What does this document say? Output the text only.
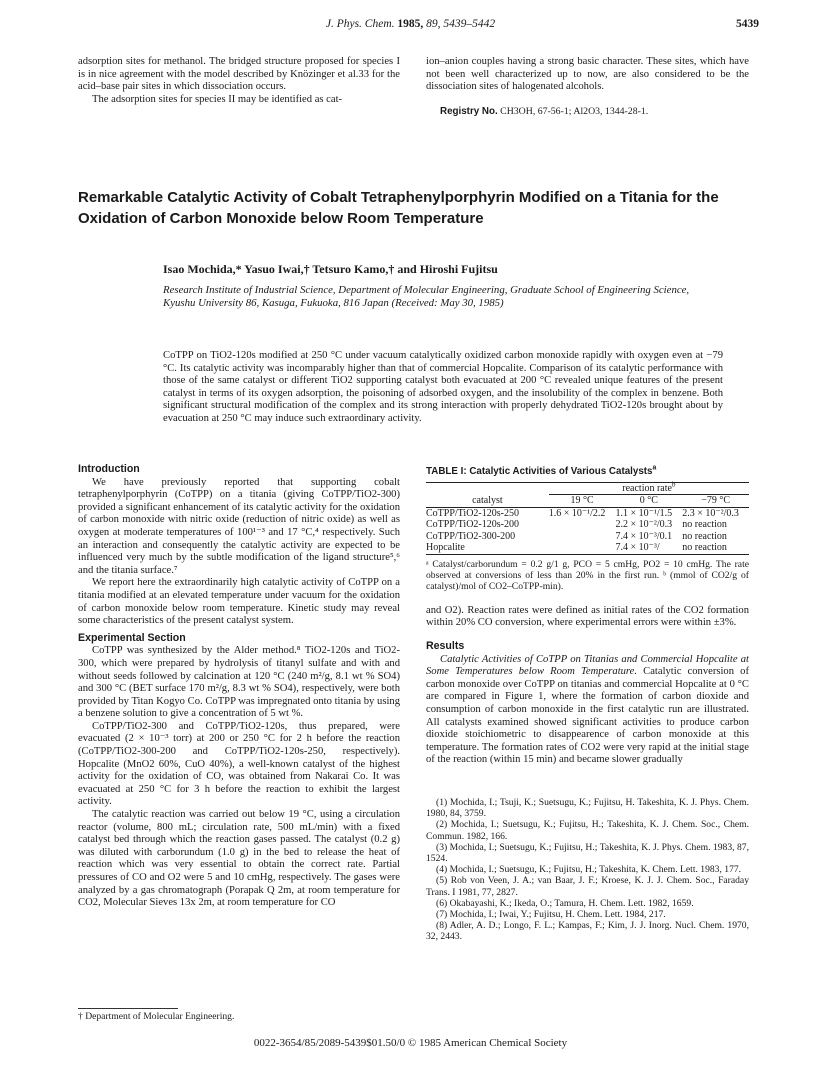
J. Phys. Chem. 1985, 89, 5439–5442	5439

adsorption sites for methanol. The bridged structure proposed for species I is in nice agreement with the model described by Knözinger et al.33 for the acid–base pair sites in which dissociation occurs.

The adsorption sites for species II may be identified as cat-

ion–anion couples having a strong basic character. These sites, which have not been well characterized up to now, are also considered to be the dissociation sites of halogenated alcohols.

Registry No. CH3OH, 67-56-1; Al2O3, 1344-28-1.

Remarkable Catalytic Activity of Cobalt Tetraphenylporphyrin Modified on a Titania for the Oxidation of Carbon Monoxide below Room Temperature
Isao Mochida,* Yasuo Iwai,† Tetsuro Kamo,† and Hiroshi Fujitsu
Research Institute of Industrial Science, Department of Molecular Engineering, Graduate School of Engineering Science, Kyushu University 86, Kasuga, Fukuoka, 816 Japan (Received: May 30, 1985)
CoTPP on TiO2-120s modified at 250 °C under vacuum catalytically oxidized carbon monoxide rapidly with oxygen even at −79 °C. Its catalytic activity was incomparably higher than that of commercial Hopcalite. Comparison of its catalytic performance with those of the same catalyst or different TiO2 supporting catalyst both evacuated at 200 °C revealed unique features of the present catalyst in terms of its oxygen adsorption, the poisoning of adsorbed oxygen, and the insolubility of the complex in benzene. Both significant structural modification of the complex and its strong interaction with properly dehydrated TiO2-120s brought about by evacuation at 250 °C may induce such extraordinary activity.
Introduction

We have previously reported that supporting cobalt tetraphenylporphyrin (CoTPP) on a titania (giving CoTPP/TiO2-300) provided a significant enhancement of its catalytic activity for the oxidation of carbon monoxide with nitric oxide (reduction of nitric oxide) as well as oxygen at moderate temperatures of 100¹⁻³ and 17 °C,⁴ respectively. Such an interaction and consequently the catalytic activity are expected to be influenced very much by the subtle modification of the ligand structure⁵,⁶ and the titania surface.⁷

We report here the extraordinarily high catalytic activity of CoTPP on a titania modified at an elevated temperature under vacuum for the oxidation of carbon monoxide below room temperature. Kinetic study may reveal some characteristics of the present catalyst system.

Experimental Section

CoTPP was synthesized by the Alder method.⁸ TiO2-120s and TiO2-300, which were prepared by hydrolysis of titanyl sulfate and with and without seeds followed by calcination at 120 °C (240 m²/g, 8.1 wt % SO4) and 300 °C (BET surface 170 m²/g, 8.3 wt % SO4), respectively, were both provided by Titan Kogyo Co. CoTPP was impregnated onto titania by using a benzene solution to give a concentration of 5 wt %.

CoTPP/TiO2-300 and CoTPP/TiO2-120s, thus prepared, were evacuated (2 × 10⁻³ torr) at 200 or 250 °C for 2 h before the reaction (CoTPP/TiO2-300-200 and CoTPP/TiO2-120s-250, respectively). Hopcalite (MnO2 60%, CuO 40%), a well-known catalyst of the highest activity for the oxidation of CO, was obtained from Nakarai Co. It was evacuated at 250 °C for 3 h before the reaction to exhibit the largest activity.

The catalytic reaction was carried out below 19 °C, using a circulation reactor (volume, 800 mL; circulation rate, 500 mL/min) with a fixed catalyst bed through which the reaction gases passed. The catalyst (0.2 g) was diluted with carborundum (1.0 g) in the bed to release the heat of reaction which was very essential to obtain the correct rate. Partial pressures of CO and O2 were 5 and 10 cmHg, respectively. The gases were analyzed by a gas chromatograph (Porapak Q 2m, at room temperature for CO2, Molecular Sieves 13x 2m, at room temperature for CO

† Department of Molecular Engineering.
TABLE I: Catalytic Activities of Various Catalysts$^a$
catalyst	reaction rate$^b$
	19 °C	0 °C	−79 °C
CoTPP/TiO2-120s-250	1.6 × 10⁻¹/2.2	1.1 × 10⁻¹/1.5	2.3 × 10⁻²/0.3
CoTPP/TiO2-120s-200		2.2 × 10⁻²/0.3	no reaction
CoTPP/TiO2-300-200		7.4 × 10⁻³/0.1	no reaction
Hopcalite		7.4 × 10⁻³/	no reaction

ᵃ Catalyst/carborundum = 0.2 g/1 g, PCO = 5 cmHg, PO2 = 10 cmHg. The rate observed at conversions of less than 20% in the first run. ᵇ (mmol of CO2/g of catalyst)/mol of CO2–CoTPP-min).

and O2). Reaction rates were defined as initial rates of the CO2 formation within 20% CO conversion, where experimental errors were within ±3%.

Results

Catalytic Activities of CoTPP on Titanias and Commercial Hopcalite at Some Temperatures below Room Temperature. Catalytic conversion of carbon monoxide over CoTPP on titanias and commercial Hopcalite at 0 °C are compared in Figure 1, where the formation of carbon dioxide and consumption of carbon monoxide in the first catalytic run are illustrated. All catalysts examined showed significant activities to produce carbon dioxide stoichiometric to disappearence of carbon monoxide at this temperature. The formation rates of CO2 were very rapid at the initial stage of the reaction (within 15 min) and became slower gradually

(1) Mochida, I.; Tsuji, K.; Suetsugu, K.; Fujitsu, H. Takeshita, K. J. Phys. Chem. 1980, 84, 3759.

(2) Mochida, I.; Suetsugu, K.; Fujitsu, H.; Takeshita, K. J. Chem. Soc., Chem. Commun. 1982, 166.

(3) Mochida, I.; Suetsugu, K.; Fujitsu, H.; Takeshita, K. J. Phys. Chem. 1983, 87, 1524.

(4) Mochida, I.; Suetsugu, K.; Fujitsu, H.; Takeshita, K. Chem. Lett. 1983, 177.

(5) Rob von Veen, J. A.; van Baar, J. F.; Kroese, K. J. J. Chem. Soc., Faraday Trans. I 1981, 77, 2827.

(6) Okabayashi, K.; Ikeda, O.; Tamura, H. Chem. Lett. 1982, 1659.

(7) Mochida, I.; Iwai, Y.; Fujitsu, H. Chem. Lett. 1984, 217.

(8) Adler, A. D.; Longo, F. L.; Kampas, F.; Kim, J. J. Inorg. Nucl. Chem. 1970, 32, 2443.

0022-3654/85/2089-5439$01.50/0 © 1985 American Chemical Society
